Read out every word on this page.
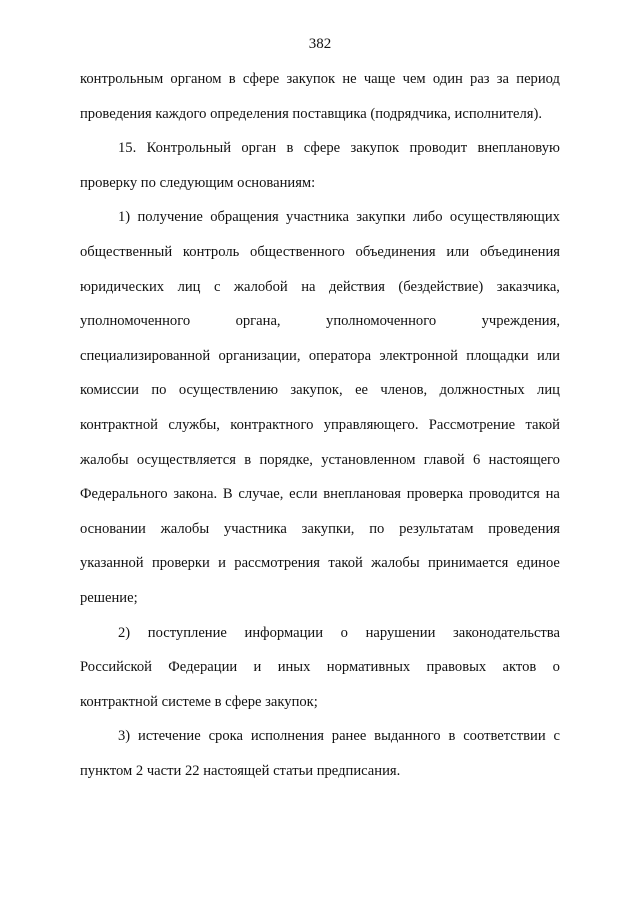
382
контрольным органом в сфере закупок не чаще чем один раз за период
проведения каждого определения поставщика (подрядчика, исполнителя).
15. Контрольный орган в сфере закупок проводит внеплановую
проверку по следующим основаниям:
1) получение обращения участника закупки либо осуществляющих
общественный контроль общественного объединения или объединения
юридических лиц с жалобой на действия (бездействие) заказчика,
уполномоченного	органа,	уполномоченного	учреждения,
специализированной организации, оператора электронной площадки или
комиссии по осуществлению закупок, ее членов, должностных лиц
контрактной службы, контрактного управляющего. Рассмотрение такой
жалобы осуществляется в порядке, установленном главой 6 настоящего
Федерального закона. В случае, если внеплановая проверка проводится на
основании жалобы участника закупки, по результатам проведения
указанной проверки и рассмотрения такой жалобы принимается единое
решение;
2) поступление информации о нарушении законодательства
Российской Федерации и иных нормативных правовых актов о
контрактной системе в сфере закупок;
3) истечение срока исполнения ранее выданного в соответствии с
пунктом 2 части 22 настоящей статьи предписания.
